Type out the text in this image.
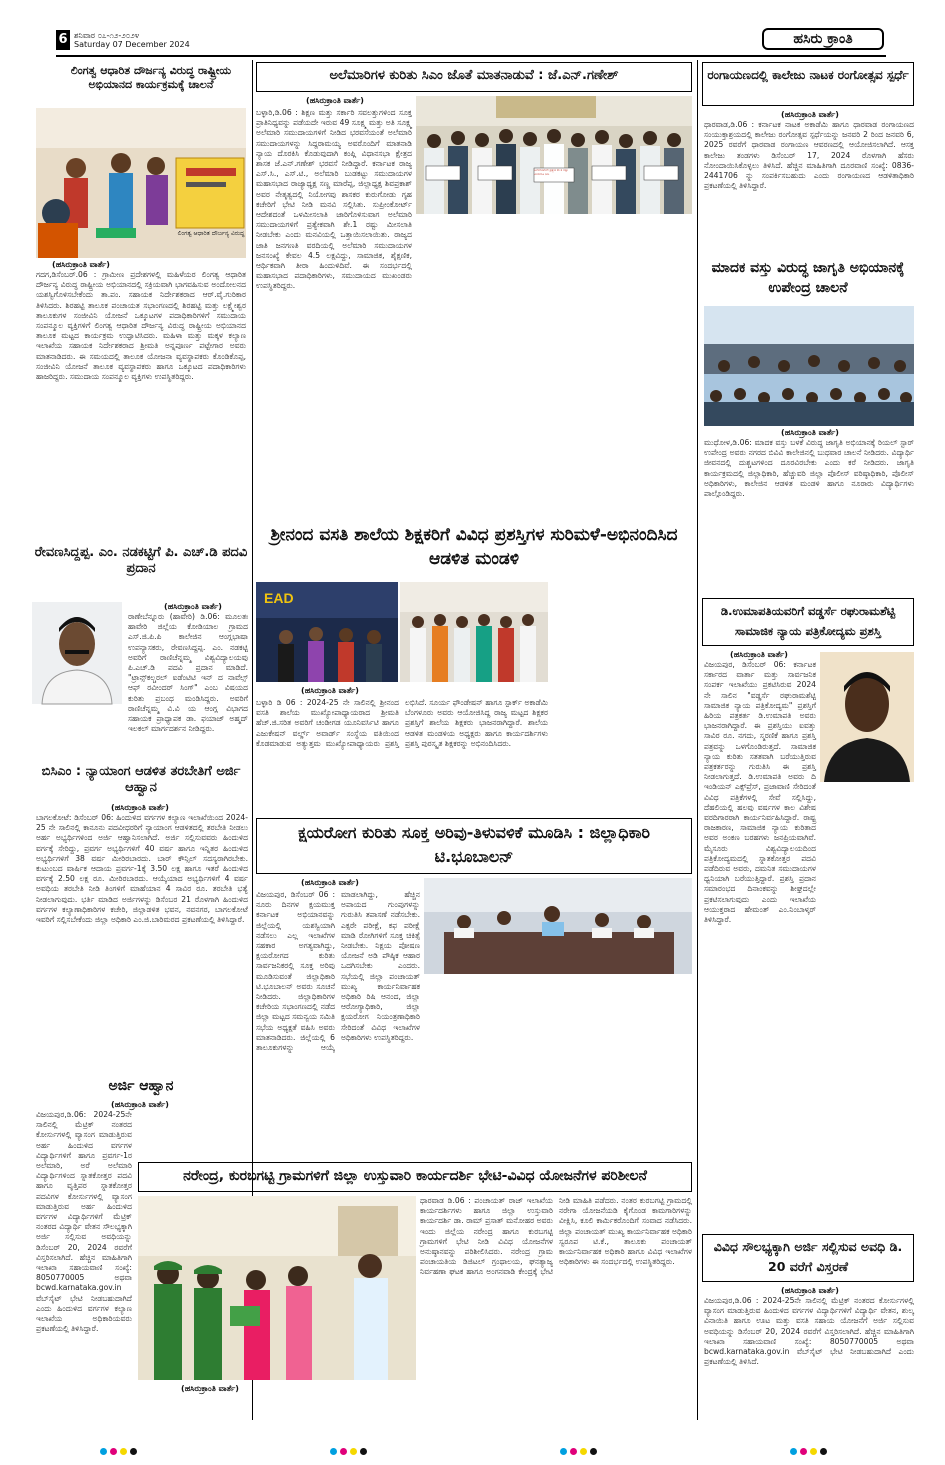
6 ಶನಿವಾರ ೦೭-೧೨-೨೦೨೪
Saturday 07 December 2024	ಹಸಿರು ಕ್ರಾಂತಿ
ಲಿಂಗತ್ವ ಆಧಾರಿತ ದೌರ್ಜನ್ಯ ವಿರುದ್ಧ ರಾಷ್ಟ್ರೀಯ ಅಭಿಯಾನದ ಕಾರ್ಯಕ್ರಮಕ್ಕೆ ಚಾಲನೆ
ಲಿಂಗತ್ವ ಆಧಾರಿತ ದೌರ್ಜನ್ಯ ವಿರುದ್ಧ
(ಹಸಿರುಕ್ರಾಂತಿ ವಾರ್ತೆ)
ಗದಗ,ಡಿಸೆಂಬರ್.06 : ಗ್ರಾಮೀಣ ಪ್ರದೇಶಗಳಲ್ಲಿ ಮಹಿಳೆಯರ ಲಿಂಗತ್ವ ಆಧಾರಿತ ದೌರ್ಜನ್ಯ ವಿರುದ್ಧ ರಾಷ್ಟ್ರೀಯ ಅಭಿಯಾನದಲ್ಲಿ ಸಕ್ರಿಯವಾಗಿ ಭಾಗವಹಿಸುವ ಅಂದೋಲನದ ಯಶಸ್ವಿಗೊಳಿಸಬೇಕೆಂದು ತಾ.ಪಂ. ಸಹಾಯಕ ನಿರ್ದೇಶಕರಾದ ಆರ್.ವೈ.ಗುರಿಕಾರ ತಿಳಿಸಿದರು. ಶಿರಹಟ್ಟಿ ತಾಲೂಕ ಪಂಚಾಯತ ಸಭಾಂಗಣದಲ್ಲಿ ಶಿರಹಟ್ಟಿ ಮತ್ತು ಲಕ್ಷ್ಮೇಶ್ವರ ತಾಲೂಕುಗಳ ಸಂಜೀವಿನಿ ಯೋಜನೆ ಒಕ್ಕೂಟಗಳ ಪದಾಧಿಕಾರಿಗಳಿಗೆ ಸಮುದಾಯ ಸಂಪನ್ಮೂಲ ವ್ಯಕ್ತಿಗಳಿಗೆ ಲಿಂಗತ್ವ ಆಧಾರಿತ ದೌರ್ಜನ್ಯ ವಿರುದ್ಧ ರಾಷ್ಟ್ರೀಯ ಅಭಿಯಾನದ ತಾಲೂಕ ಮಟ್ಟದ ಕಾರ್ಯಕ್ರಮ ಉದ್ಘಾಟಿಸಿದರು. ಮಹಿಳಾ ಮತ್ತು ಮಕ್ಕಳ ಕಲ್ಯಾಣ ಇಲಾಖೆಯ ಸಹಾಯಕ ನಿರ್ದೇಶಕರಾದ ಶ್ರೀಮತಿ ಅನ್ನಪೂರ್ಣ ಪಟ್ಟೇಗಾರ ಅವರು ಮಾತನಾಡಿದರು. ಈ ಸಮಯದಲ್ಲಿ ತಾಲೂಕ ಯೋಜನಾ ವ್ಯವಸ್ಥಾಪಕರು ಕೊಂಡಿಕೊಪ್ಪ, ಸಂಜೀವಿನಿ ಯೋಜನೆ ತಾಲೂಕ ವ್ಯವಸ್ಥಾಪಕರು ಹಾಗೂ ಒಕ್ಕೂಟದ ಪದಾಧಿಕಾರಿಗಳು ಹಾಜರಿದ್ದರು. ಸಮುದಾಯ ಸಂಪನ್ಮೂಲ ವ್ಯಕ್ತಿಗಳು ಉಪಸ್ಥಿತರಿದ್ದರು.
ರೇವಣಸಿದ್ದಪ್ಪ. ಎಂ. ನಡಕಟ್ಟಿಗೆ ಪಿ. ಎಚ್.ಡಿ ಪದವಿ ಪ್ರದಾನ
(ಹಸಿರುಕ್ರಾಂತಿ ವಾರ್ತೆ)
ರಾಣೇಬೆನ್ನೂರು (ಹಾವೇರಿ) ಡಿ.06: ಮೂಲತಃ ಹಾವೇರಿ ಜಿಲ್ಲೆಯ ಕೋಡಿಯಾಲ ಗ್ರಾಮದ ಎಸ್.ಜಿ.ಪಿ.ಪಿ ಕಾಲೇಜಿನ ಆಂಗ್ಲಭಾಷಾ ಉಪನ್ಯಾಸಕರು, ರೇವಣಸಿದ್ದಪ್ಪ. ಎಂ. ನಡಕಟ್ಟಿ ಅವರಿಗೆ ರಾಣಿಚೆನ್ನಮ್ಮ ವಿಶ್ವವಿದ್ಯಾಲಯವು ಪಿ.ಎಚ್.ಡಿ ಪದವಿ ಪ್ರದಾನ ಮಾಡಿದೆ. "ಟ್ರಾನ್ಸ್‌ಕಲ್ಚರಲ್ ಐಡೆಂಟಿಟಿ ಇನ್ ದ ನಾವೆಲ್ಸ್ ಆಫ್ ರವೀಂದರ್ ಸಿಂಗ್" ಎಂಬ ವಿಷಯದ ಕುರಿತು ಪ್ರಬಂಧ ಮಂಡಿಸಿದ್ದರು. ಅವರಿಗೆ ರಾಣಿಚೆನ್ನಮ್ಮ ವಿ.ವಿ ಯ ಆಂಗ್ಲ ವಿಭಾಗದ ಸಹಾಯಕ ಪ್ರಾಧ್ಯಾಪಕ ಡಾ. ಫಯಾಜ್ ಅಹ್ಮದ್ ಇಲಕಲ್ ಮಾರ್ಗದರ್ಶನ ನೀಡಿದ್ದರು.
ಬಿಸಿಎಂ : ನ್ಯಾಯಾಂಗ ಆಡಳಿತ ತರಬೇತಿಗೆ ಅರ್ಜಿ ಆಹ್ವಾನ
(ಹಸಿರುಕ್ರಾಂತಿ ವಾರ್ತೆ)
ಬಾಗಲಕೋಟೆ: ಡಿಸೆಂಬರ್ 06: ಹಿಂದುಳಿದ ವರ್ಗಗಳ ಕಲ್ಯಾಣ ಇಲಾಖೆಯಿಂದ 2024-25 ನೇ ಸಾಲಿನಲ್ಲಿ ಕಾನೂನು ಪದವೀಧರರಿಗೆ ನ್ಯಾಯಾಂಗ ಆಡಳಿತದಲ್ಲಿ ತರಬೇತಿ ನೀಡಲು ಅರ್ಹ ಅಭ್ಯರ್ಥಿಗಳಿಂದ ಅರ್ಜಿ ಆಹ್ವಾನಿಸಲಾಗಿದೆ. ಅರ್ಜಿ ಸಲ್ಲಿಸುವವರು ಹಿಂದುಳಿದ ವರ್ಗಕ್ಕೆ ಸೇರಿದ್ದು, ಪ್ರವರ್ಗ ಅಭ್ಯರ್ಥಿಗಳಿಗೆ 40 ವರ್ಷ ಹಾಗೂ ಇನ್ನಿತರ ಹಿಂದುಳಿದ ಅಭ್ಯರ್ಥಿಗಳಿಗೆ 38 ವರ್ಷ ಮೀರಿರಬಾರದು. ಬಾರ್ ಕೌನ್ಸಿಲ್ ಸದಸ್ಯರಾಗಿರಬೇಕು. ಕುಟುಂಬದ ವಾರ್ಷಿಕ ಆದಾಯ ಪ್ರವರ್ಗ-1ಕ್ಕೆ 3.50 ಲಕ್ಷ ಹಾಗೂ ಇತರೆ ಹಿಂದುಳಿದ ವರ್ಗಕ್ಕೆ 2.50 ಲಕ್ಷ ರೂ. ಮೀರಿರಬಾರದು. ಆಯ್ಕೆಯಾದ ಅಭ್ಯರ್ಥಿಗಳಿಗೆ 4 ವರ್ಷ ಅವಧಿಯ ತರಬೇತಿ ನೀಡಿ ತಿಂಗಳಿಗೆ ಮಾಹೆಯಾನ 4 ಸಾವಿರ ರೂ. ತರಬೇತಿ ಭತ್ಯೆ ನೀಡಲಾಗುವುದು. ಭರ್ತಿ ಮಾಡಿದ ಅರ್ಜಿಗಳನ್ನು ಡಿಸೆಂಬರ 21 ರೊಳಗಾಗಿ ಹಿಂದುಳಿದ ವರ್ಗಗಳ ಕಲ್ಯಾಣಾಧಿಕಾರಿಗಳ ಕಚೇರಿ, ಜಿಲ್ಲಾಡಳಿತ ಭವನ, ನವನಗರ, ಬಾಗಲಕೋಟೆ ಇವರಿಗೆ ಸಲ್ಲಿಸಬೇಕೆಂದು ಜಿಲ್ಲಾ ಅಧಿಕಾರಿ ಎಂ.ಜಿ.ಬಾರಿಮರದ ಪ್ರಕಟಣೆಯಲ್ಲಿ ತಿಳಿಸಿದ್ದಾರೆ.
ಅರ್ಜಿ ಆಹ್ವಾನ
(ಹಸಿರುಕ್ರಾಂತಿ ವಾರ್ತೆ)
ವಿಜಯಪುರ,ಡಿ.06: 2024-25ನೇ ಸಾಲಿನಲ್ಲಿ ಮೆಟ್ರಿಕ್ ನಂತರದ ಕೋರ್ಸುಗಳಲ್ಲಿ ವ್ಯಾಸಂಗ ಮಾಡುತ್ತಿರುವ ಅರ್ಹ ಹಿಂದುಳಿದ ವರ್ಗಗಳ ವಿದ್ಯಾರ್ಥಿಗಳಿಗೆ ಹಾಗೂ ಪ್ರವರ್ಗ-1ರ ಅಲೆಮಾರಿ, ಅರೆ ಅಲೆಮಾರಿ ವಿದ್ಯಾರ್ಥಿಗಳಿಂದ ಸ್ನಾತಕೋತ್ತರ ಪದವಿ ಹಾಗೂ ವೃತ್ತಿಪರ ಸ್ನಾತಕೋತ್ತರ ಪದವಿಗಳ ಕೋರ್ಸುಗಳಲ್ಲಿ ವ್ಯಾಸಂಗ ಮಾಡುತ್ತಿರುವ ಅರ್ಹ ಹಿಂದುಳಿದ ವರ್ಗಗಳ ವಿದ್ಯಾರ್ಥಿಗಳಿಗೆ ಮೆಟ್ರಿಕ್ ನಂತರದ ವಿದ್ಯಾರ್ಥಿ ವೇತನ ಸೌಲಭ್ಯಕ್ಕಾಗಿ ಅರ್ಜಿ ಸಲ್ಲಿಸುವ ಅವಧಿಯನ್ನು ಡಿಸೆಂಬರ್ 20, 2024 ರವರೆಗೆ ವಿಸ್ತರಿಸಲಾಗಿದೆ. ಹೆಚ್ಚಿನ ಮಾಹಿತಿಗಾಗಿ ಇಲಾಖಾ ಸಹಾಯವಾಣಿ ಸಂಖ್ಯೆ: 8050770005 ಅಥವಾ bcwd.karnataka.gov.in ವೆಬ್‌ಸೈಟ್ ಭೇಟಿ ನೀಡಬಹುದಾಗಿದೆ ಎಂದು ಹಿಂದುಳಿದ ವರ್ಗಗಳ ಕಲ್ಯಾಣ ಇಲಾಖೆಯ ಅಧಿಕಾರಿಯವರು ಪ್ರಕಟಣೆಯಲ್ಲಿ ತಿಳಿಸಿದ್ದಾರೆ.
ಅಲೆಮಾರಿಗಳ ಕುರಿತು ಸಿಎಂ ಜೊತೆ ಮಾತನಾಡುವೆ : ಜೆ.ಎನ್.ಗಣೇಶ್
ಅಲೆಮಾರಿಗಳಿಗೆ ಪ್ರತ್ಯೇಕ ಶೇ.1 ರಷ್ಟು ಮೀಸಲಾತಿ ನೀಡಿ
(ಹಸಿರುಕ್ರಾಂತಿ ವಾರ್ತೆ)
ಬಳ್ಳಾರಿ,ಡಿ.06 : ಶಿಕ್ಷಣ ಮತ್ತು ಸರ್ಕಾರಿ ಸವಲತ್ತುಗಳಿಂದ ಸೂಕ್ತ ಪ್ರಾತಿನಿಧ್ಯವನ್ನು ಪಡೆಯದೇ ಇರುವ 49 ಸೂಕ್ಷ್ಮ ಮತ್ತು ಅತಿ ಸೂಕ್ಷ್ಮ ಅಲೆಮಾರಿ ಸಮುದಾಯಗಳಿಗೆ ನೀಡಿದ ಭರವಸೆಯಂತೆ ಅಲೆಮಾರಿ ಸಮುದಾಯಗಳನ್ನು ಸಿದ್ದರಾಮಯ್ಯ ಅವರೊಂದಿಗೆ ಮಾತನಾಡಿ ನ್ಯಾಯ ದೊರಕಿಸಿ ಕೊಡುವುದಾಗಿ ಕಂಪ್ಲಿ ವಿಧಾನಸಭಾ ಕ್ಷೇತ್ರದ ಶಾಸಕ ಜೆ.ಎನ್.ಗಣೇಶ್ ಭರವಸೆ ನೀಡಿದ್ದಾರೆ. ಕರ್ನಾಟಕ ರಾಜ್ಯ ಎಸ್.ಸಿ., ಎಸ್.ಟಿ., ಅಲೆಮಾರಿ ಬುಡಕಟ್ಟು ಸಮುದಾಯಗಳ ಮಹಾಸಭಾದ ರಾಜ್ಯಾಧ್ಯಕ್ಷ ಸಣ್ಣ ಮಾರೆಪ್ಪ, ಜಿಲ್ಲಾಧ್ಯಕ್ಷ ಶಿವಪ್ರಕಾಶ್ ಅವರ ನೇತೃತ್ವದಲ್ಲಿ ನಿಯೋಗವು ಶಾಸಕರ ಕುರುಗೋಡು ಗೃಹ ಕಚೇರಿಗೆ ಭೇಟಿ ನೀಡಿ ಮನವಿ ಸಲ್ಲಿಸಿತು. ಸುಪ್ರೀಂಕೋರ್ಟ್ ಆದೇಶದಂತೆ ಒಳಮೀಸಲಾತಿ ಜಾರಿಗೊಳಿಸುವಾಗ ಅಲೆಮಾರಿ ಸಮುದಾಯಗಳಿಗೆ ಪ್ರತ್ಯೇಕವಾಗಿ ಶೇ.1 ರಷ್ಟು ಮೀಸಲಾತಿ ನೀಡಬೇಕು ಎಂದು ಮನವಿಯಲ್ಲಿ ಒತ್ತಾಯಿಸಲಾಯಿತು. ರಾಜ್ಯದ ಜಾತಿ ಜನಗಣತಿ ವರದಿಯಲ್ಲಿ ಅಲೆಮಾರಿ ಸಮುದಾಯಗಳ ಜನಸಂಖ್ಯೆ ಕೇವಲ 4.5 ಲಕ್ಷವಿದ್ದು, ಸಾಮಾಜಿಕ, ಶೈಕ್ಷಣಿಕ, ಆರ್ಥಿಕವಾಗಿ ತೀರಾ ಹಿಂದುಳಿದಿವೆ. ಈ ಸಂದರ್ಭದಲ್ಲಿ ಮಹಾಸಭಾದ ಪದಾಧಿಕಾರಿಗಳು, ಸಮುದಾಯದ ಮುಖಂಡರು ಉಪಸ್ಥಿತರಿದ್ದರು.
ಶ್ರೀನಂದ ವಸತಿ ಶಾಲೆಯ ಶಿಕ್ಷಕರಿಗೆ ವಿವಿಧ ಪ್ರಶಸ್ತಿಗಳ ಸುರಿಮಳೆ-ಅಭಿನಂದಿಸಿದ ಆಡಳಿತ ಮಂಡಳಿ
EAD
(ಹಸಿರುಕ್ರಾಂತಿ ವಾರ್ತೆ)
ಬಳ್ಳಾರಿ ಡಿ 06 : 2024-25 ನೇ ಸಾಲಿನಲ್ಲಿ ಶ್ರೀನಂದ ವಸತಿ ಶಾಲೆಯ ಮುಖ್ಯೋಪಾಧ್ಯಾಯರಾದ ಶ್ರೀಮತಿ ಹೆಚ್.ಜಿ.ಸರಿತ ಅವರಿಗೆ ಚಂಡೀಗಡ ಯೂನಿವರ್ಸಿಟಿ ಹಾಗೂ ಎಜುಕೇಷನ್ ವರ್ಲ್ಡ್ ಅವಾರ್ಡ್ ಸಂಸ್ಥೆಯ ವತಿಯಿಂದ ಕೊಡಮಾಡುವ ಅತ್ಯುತ್ತಮ ಮುಖ್ಯೋಪಾಧ್ಯಾಯರು ಪ್ರಶಸ್ತಿ ಲಭಿಸಿದೆ. ಸೂರ್ಯ ಫೌಂಡೇಷನ್ ಹಾಗೂ ಸ್ಪಾರ್ಕ್ ಅಕಾಡೆಮಿ ಬೆಂಗಳೂರು ಅವರು ಆಯೋಜಿಸಿದ್ದ ರಾಜ್ಯ ಮಟ್ಟದ ಶಿಕ್ಷಕರ ಪ್ರಶಸ್ತಿಗೆ ಶಾಲೆಯ ಶಿಕ್ಷಕರು ಭಾಜನರಾಗಿದ್ದಾರೆ. ಶಾಲೆಯ ಆಡಳಿತ ಮಂಡಳಿಯ ಅಧ್ಯಕ್ಷರು ಹಾಗೂ ಕಾರ್ಯದರ್ಶಿಗಳು ಪ್ರಶಸ್ತಿ ಪುರಸ್ಕೃತ ಶಿಕ್ಷಕರನ್ನು ಅಭಿನಂದಿಸಿದರು.
ಕ್ಷಯರೋಗ ಕುರಿತು ಸೂಕ್ತ ಅರಿವು-ತಿಳುವಳಿಕೆ ಮೂಡಿಸಿ : ಜಿಲ್ಲಾಧಿಕಾರಿ ಟಿ.ಭೂಬಾಲನ್
(ಹಸಿರುಕ್ರಾಂತಿ ವಾರ್ತೆ)
ವಿಜಯಪುರ, ಡಿಸೆಂಬರ್ 06 : ನೂರು ದಿನಗಳ ಕ್ಷಯಮುಕ್ತ ಕರ್ನಾಟಕ ಅಭಿಯಾನವನ್ನು ಜಿಲ್ಲೆಯಲ್ಲಿ ಯಶಸ್ವಿಯಾಗಿ ನಡೆಸಲು ಎಲ್ಲ ಇಲಾಖೆಗಳ ಸಹಕಾರ ಅಗತ್ಯವಾಗಿದ್ದು, ಕ್ಷಯರೋಗದ ಕುರಿತು ಸಾರ್ವಜನಿಕರಲ್ಲಿ ಸೂಕ್ತ ಅರಿವು ಮೂಡಿಸುವಂತೆ ಜಿಲ್ಲಾಧಿಕಾರಿ ಟಿ.ಭೂಬಾಲನ್ ಅವರು ಸೂಚನೆ ನೀಡಿದರು. ಜಿಲ್ಲಾಧಿಕಾರಿಗಳ ಕಚೇರಿಯ ಸಭಾಂಗಣದಲ್ಲಿ ನಡೆದ ಜಿಲ್ಲಾ ಮಟ್ಟದ ಸಮನ್ವಯ ಸಮಿತಿ ಸಭೆಯ ಅಧ್ಯಕ್ಷತೆ ವಹಿಸಿ ಅವರು ಮಾತನಾಡಿದರು. ಜಿಲ್ಲೆಯಲ್ಲಿ 6 ತಾಲೂಕುಗಳನ್ನು ಆಯ್ಕೆ ಮಾಡಲಾಗಿದ್ದು, ಹೆಚ್ಚಿನ ಅಪಾಯದ ಗುಂಪುಗಳನ್ನು ಗುರುತಿಸಿ ತಪಾಸಣೆ ನಡೆಸಬೇಕು. ಎಕ್ಸರೇ ಪರೀಕ್ಷೆ, ಕಫ ಪರೀಕ್ಷೆ ಮಾಡಿ ರೋಗಿಗಳಿಗೆ ಸೂಕ್ತ ಚಿಕಿತ್ಸೆ ನೀಡಬೇಕು. ನಿಕ್ಷಯ ಪೋಷಣ ಯೋಜನೆ ಅಡಿ ಪೌಷ್ಠಿಕ ಆಹಾರ ಒದಗಿಸಬೇಕು ಎಂದರು. ಸಭೆಯಲ್ಲಿ ಜಿಲ್ಲಾ ಪಂಚಾಯತ್ ಮುಖ್ಯ ಕಾರ್ಯನಿರ್ವಾಹಕ ಅಧಿಕಾರಿ ರಿಷಿ ಆನಂದ, ಜಿಲ್ಲಾ ಆರೋಗ್ಯಾಧಿಕಾರಿ, ಜಿಲ್ಲಾ ಕ್ಷಯರೋಗ ನಿಯಂತ್ರಣಾಧಿಕಾರಿ ಸೇರಿದಂತೆ ವಿವಿಧ ಇಲಾಖೆಗಳ ಅಧಿಕಾರಿಗಳು ಉಪಸ್ಥಿತರಿದ್ದರು.
ನರೇಂದ್ರ, ಕುರಬಗಟ್ಟಿ ಗ್ರಾಮಗಳಿಗೆ ಜಿಲ್ಲಾ ಉಸ್ತುವಾರಿ ಕಾರ್ಯದರ್ಶಿ ಭೇಟಿ-ವಿವಿಧ ಯೋಜನೆಗಳ ಪರಿಶೀಲನೆ
(ಹಸಿರುಕ್ರಾಂತಿ ವಾರ್ತೆ)
ಧಾರವಾಡ ಡಿ.06 : ಪಂಚಾಯತ್ ರಾಜ್ ಇಲಾಖೆಯ ಕಾರ್ಯದರ್ಶಿಗಳು ಹಾಗೂ ಜಿಲ್ಲಾ ಉಸ್ತುವಾರಿ ಕಾರ್ಯದರ್ಶಿ ಡಾ. ರಾಮ್ ಪ್ರಸಾತ್ ಮನೋಹರ ಅವರು ಇಂದು ಜಿಲ್ಲೆಯ ನರೇಂದ್ರ ಹಾಗೂ ಕುರಬಗಟ್ಟಿ ಗ್ರಾಮಗಳಿಗೆ ಭೇಟಿ ನೀಡಿ ವಿವಿಧ ಯೋಜನೆಗಳ ಅನುಷ್ಠಾನವನ್ನು ಪರಿಶೀಲಿಸಿದರು. ನರೇಂದ್ರ ಗ್ರಾಮ ಪಂಚಾಯತಿಯ ಡಿಜಿಟಲ್ ಗ್ರಂಥಾಲಯ, ಘನತ್ಯಾಜ್ಯ ನಿರ್ವಹಣಾ ಘಟಕ ಹಾಗೂ ಅಂಗನವಾಡಿ ಕೇಂದ್ರಕ್ಕೆ ಭೇಟಿ ನೀಡಿ ಮಾಹಿತಿ ಪಡೆದರು. ನಂತರ ಕುರಬಗಟ್ಟಿ ಗ್ರಾಮದಲ್ಲಿ ನರೇಗಾ ಯೋಜನೆಯಡಿ ಕೈಗೊಂಡ ಕಾಮಗಾರಿಗಳನ್ನು ವೀಕ್ಷಿಸಿ, ಕೂಲಿ ಕಾರ್ಮಿಕರೊಂದಿಗೆ ಸಂವಾದ ನಡೆಸಿದರು. ಜಿಲ್ಲಾ ಪಂಚಾಯತ್ ಮುಖ್ಯ ಕಾರ್ಯನಿರ್ವಾಹಕ ಅಧಿಕಾರಿ ಸ್ವರೂಪ ಟಿ.ಕೆ., ತಾಲೂಕು ಪಂಚಾಯತ್ ಕಾರ್ಯನಿರ್ವಾಹಕ ಅಧಿಕಾರಿ ಹಾಗೂ ವಿವಿಧ ಇಲಾಖೆಗಳ ಅಧಿಕಾರಿಗಳು ಈ ಸಂದರ್ಭದಲ್ಲಿ ಉಪಸ್ಥಿತರಿದ್ದರು.
ರಂಗಾಯಣದಲ್ಲಿ ಕಾಲೇಜು ನಾಟಕ ರಂಗೋತ್ಸವ ಸ್ಪರ್ಧೆ
(ಹಸಿರುಕ್ರಾಂತಿ ವಾರ್ತೆ)
ಧಾರವಾಡ,ಡಿ.06 : ಕರ್ನಾಟಕ ನಾಟಕ ಅಕಾಡೆಮಿ ಹಾಗೂ ಧಾರವಾಡ ರಂಗಾಯಣದ ಸಂಯುಕ್ತಾಶ್ರಯದಲ್ಲಿ ಕಾಲೇಜು ರಂಗೋತ್ಸವ ಸ್ಪರ್ಧೆಯನ್ನು ಜನವರಿ 2 ರಿಂದ ಜನವರಿ 6, 2025 ರವರೆಗೆ ಧಾರವಾಡ ರಂಗಾಯಣ ಆವರಣದಲ್ಲಿ ಆಯೋಜಿಸಲಾಗಿದೆ. ಆಸಕ್ತ ಕಾಲೇಜು ತಂಡಗಳು ಡಿಸೆಂಬರ್ 17, 2024 ರೊಳಗಾಗಿ ಹೆಸರು ನೋಂದಾಯಿಸಿಕೊಳ್ಳಲು ತಿಳಿಸಿದೆ. ಹೆಚ್ಚಿನ ಮಾಹಿತಿಗಾಗಿ ದೂರವಾಣಿ ಸಂಖ್ಯೆ: 0836-2441706 ನ್ನು ಸಂಪರ್ಕಿಸಬಹುದು ಎಂದು ರಂಗಾಯಣದ ಆಡಳಿತಾಧಿಕಾರಿ ಪ್ರಕಟಣೆಯಲ್ಲಿ ತಿಳಿಸಿದ್ದಾರೆ.
ಮಾದಕ ವಸ್ತು ವಿರುದ್ಧ ಜಾಗೃತಿ ಅಭಿಯಾನಕ್ಕೆ ಉಪೇಂದ್ರ ಚಾಲನೆ
(ಹಸಿರುಕ್ರಾಂತಿ ವಾರ್ತೆ)
ಮುಧೋಳ,ಡಿ.06: ಮಾದಕ ವಸ್ತು ಬಳಕೆ ವಿರುದ್ಧ ಜಾಗೃತಿ ಅಭಿಯಾನಕ್ಕೆ ರಿಯಲ್ ಸ್ಟಾರ್ ಉಪೇಂದ್ರ ಅವರು ನಗರದ ಬಿವಿವಿ ಕಾಲೇಜಿನಲ್ಲಿ ಬುಧವಾರ ಚಾಲನೆ ನೀಡಿದರು. ವಿದ್ಯಾರ್ಥಿ ಜೀವನದಲ್ಲಿ ದುಶ್ಚಟಗಳಿಂದ ದೂರವಿರಬೇಕು ಎಂದು ಕರೆ ನೀಡಿದರು. ಜಾಗೃತಿ ಕಾರ್ಯಕ್ರಮದಲ್ಲಿ ಜಿಲ್ಲಾಧಿಕಾರಿ, ಹೆಚ್ಚುವರಿ ಜಿಲ್ಲಾ ಪೊಲೀಸ್ ವರಿಷ್ಠಾಧಿಕಾರಿ, ಪೊಲೀಸ್ ಅಧಿಕಾರಿಗಳು, ಕಾಲೇಜಿನ ಆಡಳಿತ ಮಂಡಳಿ ಹಾಗೂ ನೂರಾರು ವಿದ್ಯಾರ್ಥಿಗಳು ಪಾಲ್ಗೊಂಡಿದ್ದರು.
ಡಿ.ಉಮಾಪತಿಯವರಿಗೆ ವಡ್ಡರ್ಸೆ ರಘುರಾಮಶೆಟ್ಟಿ ಸಾಮಾಜಿಕ ನ್ಯಾಯ ಪತ್ರಿಕೋದ್ಯಮ ಪ್ರಶಸ್ತಿ
(ಹಸಿರುಕ್ರಾಂತಿ ವಾರ್ತೆ)
ವಿಜಯಪುರ, ಡಿಸೆಂಬರ್ 06: ಕರ್ನಾಟಕ ಸರ್ಕಾರದ ವಾರ್ತಾ ಮತ್ತು ಸಾರ್ವಜನಿಕ ಸಂಪರ್ಕ ಇಲಾಖೆಯು ಪ್ರಕಟಿಸಿರುವ 2024 ನೇ ಸಾಲಿನ "ವಡ್ಡರ್ಸೆ ರಘುರಾಮಶೆಟ್ಟಿ ಸಾಮಾಜಿಕ ನ್ಯಾಯ ಪತ್ರಿಕೋದ್ಯಮ" ಪ್ರಶಸ್ತಿಗೆ ಹಿರಿಯ ಪತ್ರಕರ್ತ ಡಿ.ಉಮಾಪತಿ ಅವರು ಭಾಜನರಾಗಿದ್ದಾರೆ. ಈ ಪ್ರಶಸ್ತಿಯು ಐವತ್ತು ಸಾವಿರ ರೂ. ನಗದು, ಸ್ಮರಣಿಕೆ ಹಾಗೂ ಪ್ರಶಸ್ತಿ ಪತ್ರವನ್ನು ಒಳಗೊಂಡಿರುತ್ತದೆ. ಸಾಮಾಜಿಕ ನ್ಯಾಯ ಕುರಿತು ಸತತವಾಗಿ ಬರೆಯುತ್ತಿರುವ ಪತ್ರಕರ್ತರನ್ನು ಗುರುತಿಸಿ ಈ ಪ್ರಶಸ್ತಿ ನೀಡಲಾಗುತ್ತದೆ. ಡಿ.ಉಮಾಪತಿ ಅವರು ದಿ ಇಂಡಿಯನ್ ಎಕ್ಸ್‌ಪ್ರೆಸ್, ಪ್ರಜಾವಾಣಿ ಸೇರಿದಂತೆ ವಿವಿಧ ಪತ್ರಿಕೆಗಳಲ್ಲಿ ಸೇವೆ ಸಲ್ಲಿಸಿದ್ದು, ದೆಹಲಿಯಲ್ಲಿ ಹಲವು ವರ್ಷಗಳ ಕಾಲ ವಿಶೇಷ ವರದಿಗಾರರಾಗಿ ಕಾರ್ಯನಿರ್ವಹಿಸಿದ್ದಾರೆ. ರಾಷ್ಟ್ರ ರಾಜಕಾರಣ, ಸಾಮಾಜಿಕ ನ್ಯಾಯ ಕುರಿತಾದ ಅವರ ಅಂಕಣ ಬರಹಗಳು ಜನಪ್ರಿಯವಾಗಿವೆ. ಮೈಸೂರು ವಿಶ್ವವಿದ್ಯಾಲಯದಿಂದ ಪತ್ರಿಕೋದ್ಯಮದಲ್ಲಿ ಸ್ನಾತಕೋತ್ತರ ಪದವಿ ಪಡೆದಿರುವ ಅವರು, ದಮನಿತ ಸಮುದಾಯಗಳ ಧ್ವನಿಯಾಗಿ ಬರೆಯುತ್ತಿದ್ದಾರೆ. ಪ್ರಶಸ್ತಿ ಪ್ರದಾನ ಸಮಾರಂಭದ ದಿನಾಂಕವನ್ನು ಶೀಘ್ರದಲ್ಲೇ ಪ್ರಕಟಿಸಲಾಗುವುದು ಎಂದು ಇಲಾಖೆಯ ಆಯುಕ್ತರಾದ ಹೇಮಂತ್ ಎಂ.ನಿಂಬಾಳ್ಕರ್ ತಿಳಿಸಿದ್ದಾರೆ.
ವಿವಿಧ ಸೌಲಭ್ಯಕ್ಕಾಗಿ ಅರ್ಜಿ ಸಲ್ಲಿಸುವ ಅವಧಿ ಡಿ. 20 ವರೆಗೆ ವಿಸ್ತರಣೆ
(ಹಸಿರುಕ್ರಾಂತಿ ವಾರ್ತೆ)
ವಿಜಯಪುರ,ಡಿ.06 : 2024-25ನೇ ಸಾಲಿನಲ್ಲಿ ಮೆಟ್ರಿಕ್ ನಂತರದ ಕೋರ್ಸುಗಳಲ್ಲಿ ವ್ಯಾಸಂಗ ಮಾಡುತ್ತಿರುವ ಹಿಂದುಳಿದ ವರ್ಗಗಳ ವಿದ್ಯಾರ್ಥಿಗಳಿಗೆ ವಿದ್ಯಾರ್ಥಿ ವೇತನ, ಶುಲ್ಕ ವಿನಾಯಿತಿ ಹಾಗೂ ಊಟ ಮತ್ತು ವಸತಿ ಸಹಾಯ ಯೋಜನೆಗೆ ಅರ್ಜಿ ಸಲ್ಲಿಸುವ ಅವಧಿಯನ್ನು ಡಿಸೆಂಬರ್ 20, 2024 ರವರೆಗೆ ವಿಸ್ತರಿಸಲಾಗಿದೆ. ಹೆಚ್ಚಿನ ಮಾಹಿತಿಗಾಗಿ ಇಲಾಖಾ ಸಹಾಯವಾಣಿ ಸಂಖ್ಯೆ: 8050770005 ಅಥವಾ bcwd.karnataka.gov.in ವೆಬ್‌ಸೈಟ್ ಭೇಟಿ ನೀಡಬಹುದಾಗಿದೆ ಎಂದು ಪ್ರಕಟಣೆಯಲ್ಲಿ ತಿಳಿಸಿದೆ.
